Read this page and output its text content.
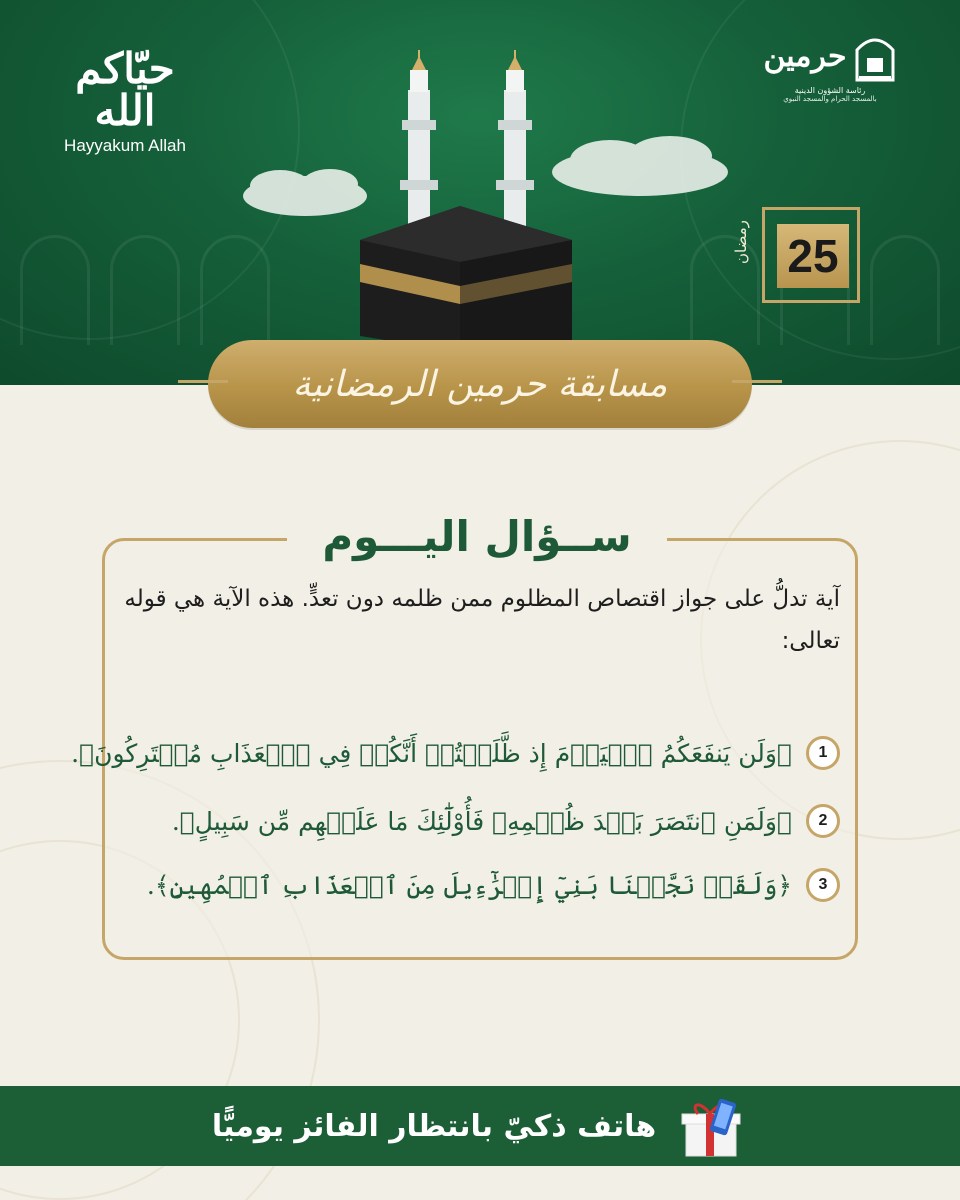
حيّاكم الله
Hayyakum Allah
حرمين
رئاسة الشؤون الدينية
بالمسجد الحرام والمسجد النبوي
رمضان 25
مسابقة حرمين الرمضانية
ســؤال اليـــوم
آية تدلُّ على جواز اقتصاص المظلوم ممن ظلمه دون تعدٍّ. هذه الآية هي قوله تعالى:
﴿وَلَن يَنفَعَكُمُ ٱلۡيَوۡمَ إِذ ظَّلَمۡتُمۡ أَنَّكُمۡ فِي ٱلۡعَذَابِ مُشۡتَرِكُونَ﴾.	1
﴿وَلَمَنِ ٱنتَصَرَ بَعۡدَ ظُلۡمِهِۦ فَأُوْلَٰٓئِكَ مَا عَلَيۡهِم مِّن سَبِيلٍ﴾.	2
﴿وَلَقَدۡ نَجَّيۡنَا بَنِيٓ إِسۡرَٰٓءِيلَ مِنَ ٱلۡعَذَابِ ٱلۡمُهِينِ﴾.	3
هاتف ذكيّ بانتظار الفائز يوميًّا
